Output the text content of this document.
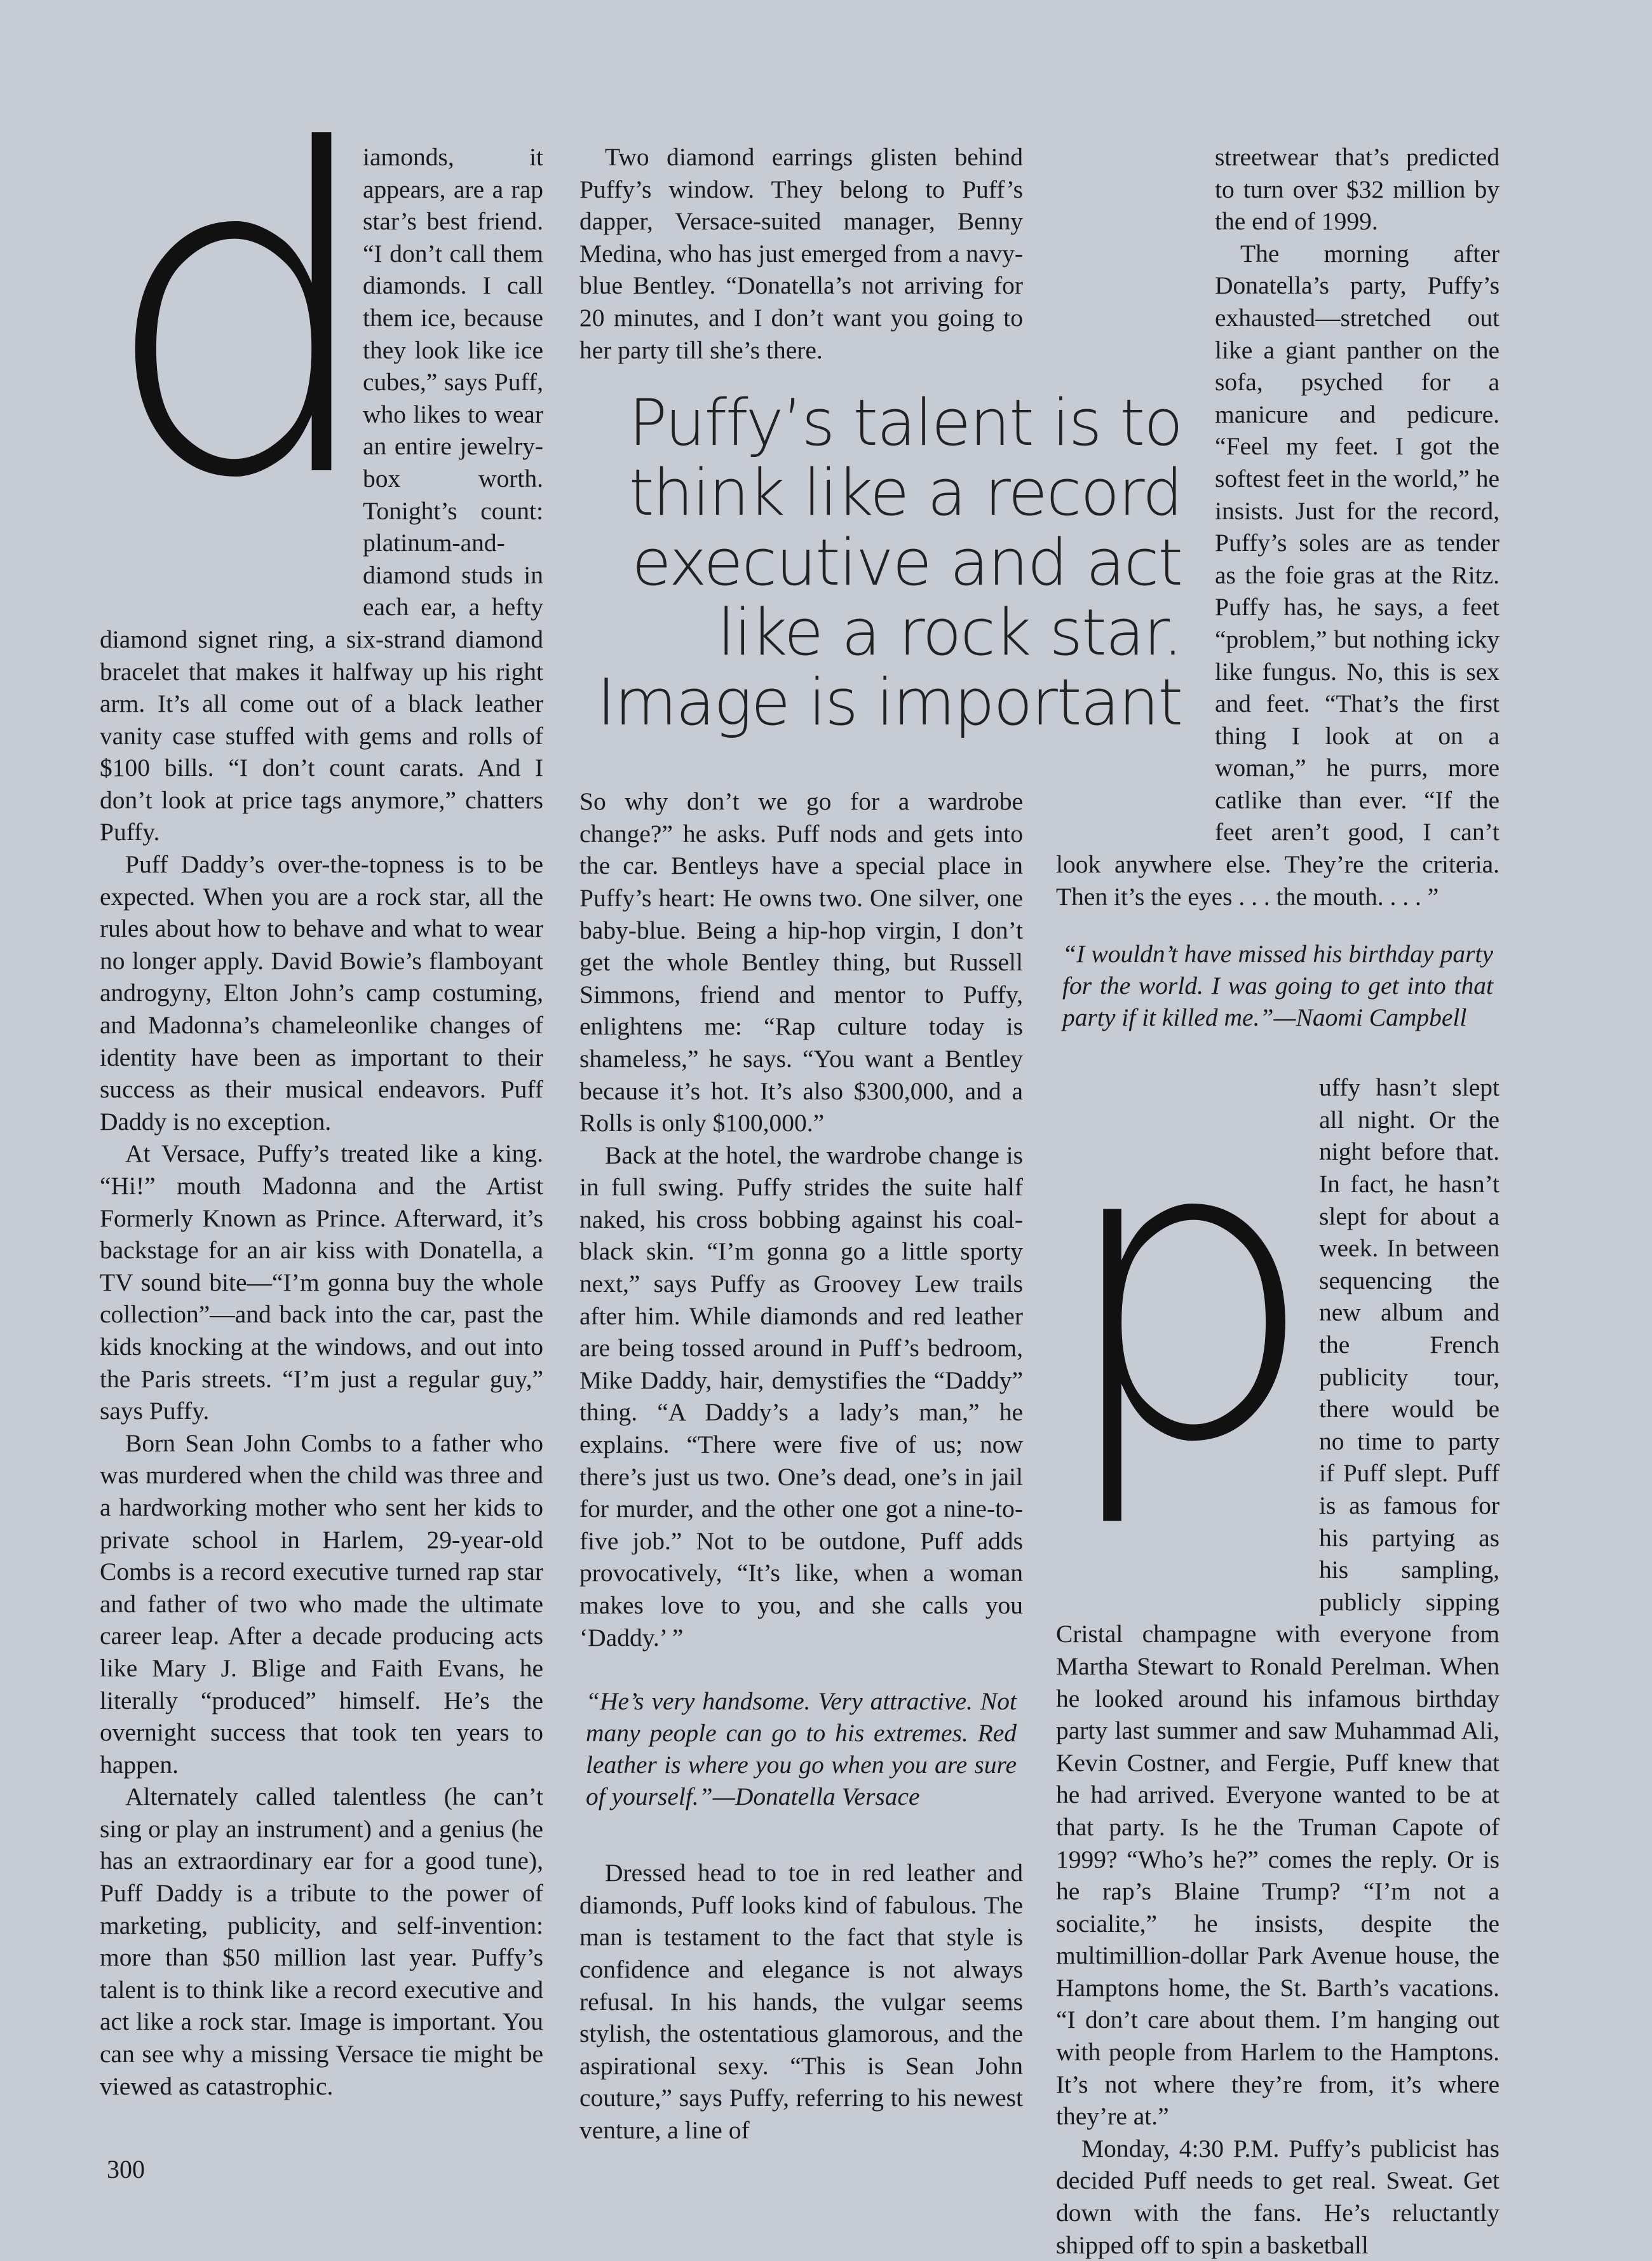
d

iamonds, it appears, are a rap star’s best friend. “I don’t call them diamonds. I call them ice, because they look like ice cubes,” says Puff, who likes to wear an entire jewelry-box worth. Tonight’s count: platinum-and-diamond studs in each ear, a hefty diamond signet ring, a six-strand diamond bracelet that makes it halfway up his right arm. It’s all come out of a black leather vanity case stuffed with gems and rolls of $100 bills. “I don’t count carats. And I don’t look at price tags anymore,” chatters Puffy.

Puff Daddy’s over-the-topness is to be expected. When you are a rock star, all the rules about how to behave and what to wear no longer apply. David Bowie’s flamboyant androgyny, Elton John’s camp costuming, and Madonna’s chameleonlike changes of identity have been as important to their success as their musical endeavors. Puff Daddy is no exception.

At Versace, Puffy’s treated like a king. “Hi!” mouth Madonna and the Artist Formerly Known as Prince. Afterward, it’s backstage for an air kiss with Donatella, a TV sound bite—“I’m gonna buy the whole collection”—and back into the car, past the kids knocking at the windows, and out into the Paris streets. “I’m just a regular guy,” says Puffy.

Born Sean John Combs to a father who was murdered when the child was three and a hardworking mother who sent her kids to private school in Harlem, 29-year-old Combs is a record executive turned rap star and father of two who made the ultimate career leap. After a decade producing acts like Mary J. Blige and Faith Evans, he literally “produced” himself. He’s the overnight success that took ten years to happen.

Alternately called talentless (he can’t sing or play an instrument) and a genius (he has an extraordinary ear for a good tune), Puff Daddy is a tribute to the power of marketing, publicity, and self-invention: more than $50 million last year. Puffy’s talent is to think like a record executive and act like a rock star. Image is important. You can see why a missing Versace tie might be viewed as catastrophic.

Two diamond earrings glisten behind Puffy’s window. They belong to Puff’s dapper, Versace-suited manager, Benny Medina, who has just emerged from a navy-blue Bentley. “Donatella’s not arriving for 20 minutes, and I don’t want you going to her party till she’s there.

So why don’t we go for a wardrobe change?” he asks. Puff nods and gets into the car. Bentleys have a special place in Puffy’s heart: He owns two. One silver, one baby-blue. Being a hip-hop virgin, I don’t get the whole Bentley thing, but Russell Simmons, friend and mentor to Puffy, enlightens me: “Rap culture today is shameless,” he says. “You want a Bentley because it’s hot. It’s also $300,000, and a Rolls is only $100,000.”

Back at the hotel, the wardrobe change is in full swing. Puffy strides the suite half naked, his cross bobbing against his coal-black skin. “I’m gonna go a little sporty next,” says Puffy as Groovey Lew trails after him. While diamonds and red leather are being tossed around in Puff’s bedroom, Mike Daddy, hair, demystifies the “Daddy” thing. “A Daddy’s a lady’s man,” he explains. “There were five of us; now there’s just us two. One’s dead, one’s in jail for murder, and the other one got a nine-to-five job.” Not to be outdone, Puff adds provocatively, “It’s like, when a woman makes love to you, and she calls you ‘Daddy.’ ”

“He’s very handsome. Very attractive. Not many people can go to his extremes. Red leather is where you go when you are sure of yourself.”—Donatella Versace

Dressed head to toe in red leather and diamonds, Puff looks kind of fabulous. The man is testament to the fact that style is confidence and elegance is not always refusal. In his hands, the vulgar seems stylish, the ostentatious glamorous, and the aspirational sexy. “This is Sean John couture,” says Puffy, referring to his newest venture, a line of

streetwear that’s predicted to turn over $32 million by the end of 1999.

The morning after Donatella’s party, Puffy’s exhausted—stretched out like a giant panther on the sofa, psyched for a manicure and pedicure. “Feel my feet. I got the softest feet in the world,” he insists. Just for the record, Puffy’s soles are as tender as the foie gras at the Ritz. Puffy has, he says, a feet “problem,” but nothing icky like fungus. No, this is sex and feet. “That’s the first thing I look at on a woman,” he purrs, more catlike than ever. “If the feet aren’t good, I can’t look anywhere else. They’re the criteria. Then it’s the eyes . . . the mouth. . . . ”

“I wouldn’t have missed his birthday party for the world. I was going to get into that party if it killed me.”—Naomi Campbell

p uffy hasn’t slept all night. Or the night before that. In fact, he hasn’t slept for about a week. In between sequencing the new album and the French publicity tour, there would be no time to party if Puff slept. Puff is as famous for his partying as his sampling, publicly sipping Cristal champagne with everyone from Martha Stewart to Ronald Perelman. When he looked around his infamous birthday party last summer and saw Muhammad Ali, Kevin Costner, and Fergie, Puff knew that he had arrived. Everyone wanted to be at that party. Is he the Truman Capote of 1999? “Who’s he?” comes the reply. Or is he rap’s Blaine Trump? “I’m not a socialite,” he insists, despite the multimillion-dollar Park Avenue house, the Hamptons home, the St. Barth’s vacations. “I don’t care about them. I’m hanging out with people from Harlem to the Hamptons. It’s not where they’re from, it’s where they’re at.”

Monday, 4:30 P.M. Puffy’s publicist has decided Puff needs to get real. Sweat. Get down with the fans. He’s reluctantly shipped off to spin a basketball

Puffy’s talent is to think like a record executive and act like a rock star. Image is important
300
